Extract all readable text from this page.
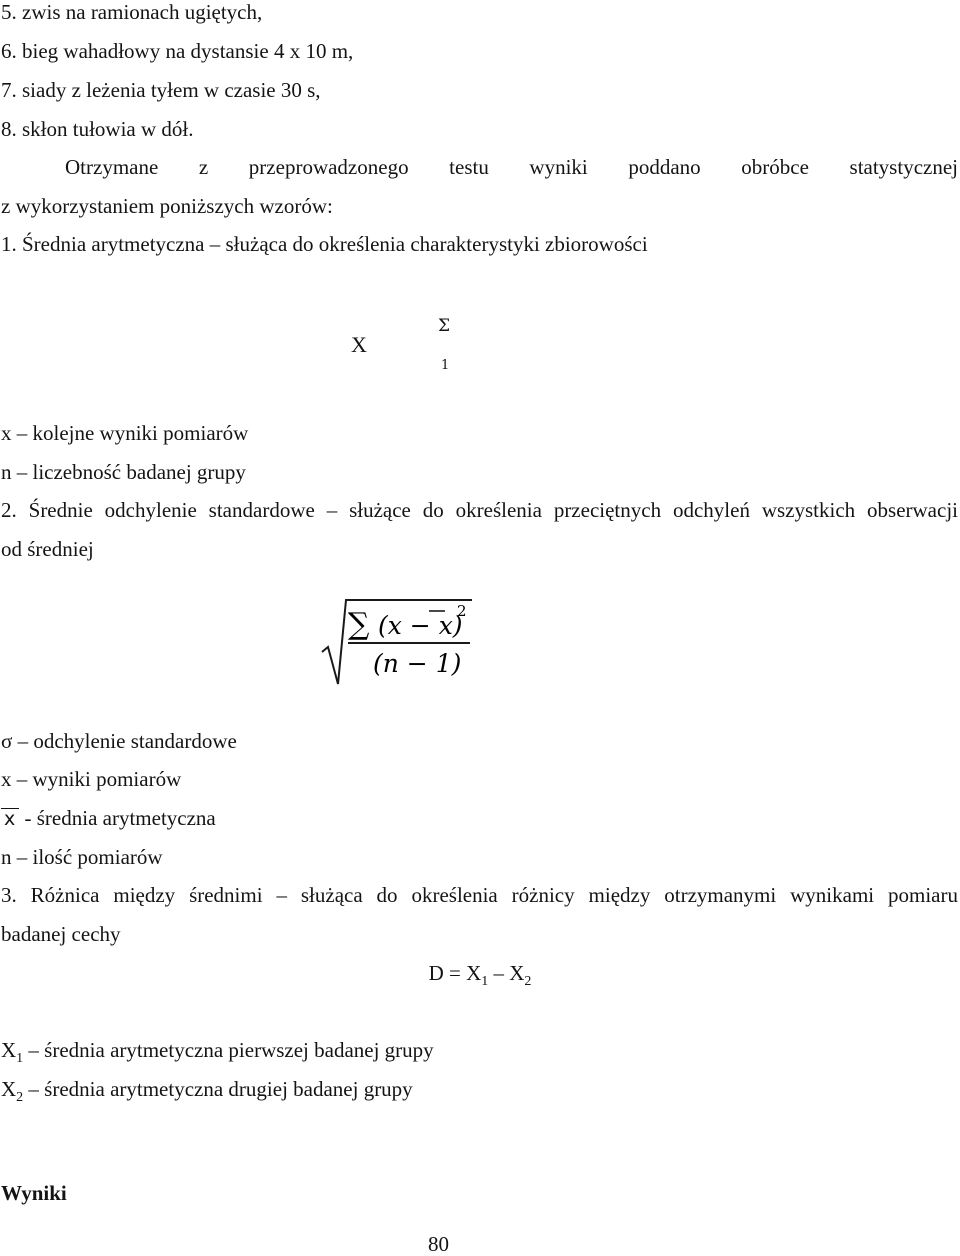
5. zwis na ramionach ugiętych,
6. bieg wahadłowy na dystansie 4 x 10 m,
7. siady z leżenia tyłem w czasie 30 s,
8. skłon tułowia w dół.
Otrzymane z przeprowadzonego testu wyniki poddano obróbce statystycznej
z wykorzystaniem poniższych wzorów:
1. Średnia arytmetyczna – służąca do określenia charakterystyki zbiorowości
X
Σ
1
x – kolejne wyniki pomiarów
n – liczebność badanej grupy
2. Średnie odchylenie standardowe – służące do określenia przeciętnych odchyleń wszystkich obserwacji
od średniej
∑ (x − x)
2
(n − 1)
σ – odchylenie standardowe
x – wyniki pomiarów
x - średnia arytmetyczna
n – ilość pomiarów
3. Różnica między średnimi – służąca do określenia różnicy między otrzymanymi wynikami pomiaru
badanej cechy
$D = X_1 - X_2$
$X_1$ – średnia arytmetyczna pierwszej badanej grupy
$X_2$ – średnia arytmetyczna drugiej badanej grupy
Wyniki
80
